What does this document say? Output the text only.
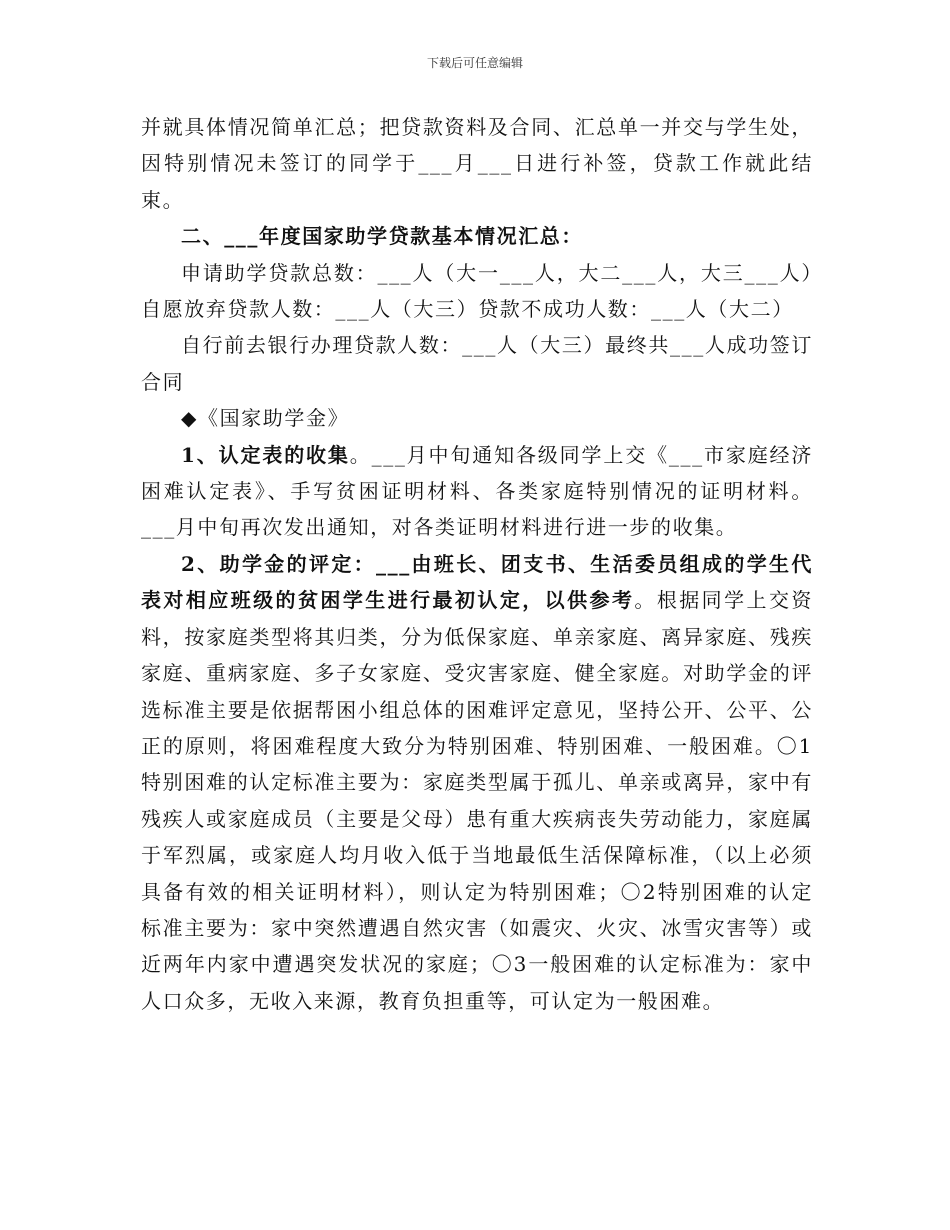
下载后可任意编辑

并就具体情况简单汇总；把贷款资料及合同、汇总单一并交与学生处，因特别情况未签订的同学于___月___日进行补签，贷款工作就此结束。

二、___年度国家助学贷款基本情况汇总：

申请助学贷款总数：___人（大一___人，大二___人，大三___人）自愿放弃贷款人数：___人（大三）贷款不成功人数：___人（大二）

自行前去银行办理贷款人数：___人（大三）最终共___人成功签订合同

◆《国家助学金》

1、认定表的收集。___月中旬通知各级同学上交《___市家庭经济困难认定表》、手写贫困证明材料、各类家庭特别情况的证明材料。___月中旬再次发出通知，对各类证明材料进行进一步的收集。

2、助学金的评定：___由班长、团支书、生活委员组成的学生代表对相应班级的贫困学生进行最初认定，以供参考。根据同学上交资料，按家庭类型将其归类，分为低保家庭、单亲家庭、离异家庭、残疾家庭、重病家庭、多子女家庭、受灾害家庭、健全家庭。对助学金的评选标准主要是依据帮困小组总体的困难评定意见，坚持公开、公平、公正的原则，将困难程度大致分为特别困难、特别困难、一般困难。〇1特别困难的认定标准主要为：家庭类型属于孤儿、单亲或离异，家中有残疾人或家庭成员（主要是父母）患有重大疾病丧失劳动能力，家庭属于军烈属，或家庭人均月收入低于当地最低生活保障标准，（以上必须具备有效的相关证明材料），则认定为特别困难；〇2特别困难的认定标准主要为：家中突然遭遇自然灾害（如震灾、火灾、冰雪灾害等）或近两年内家中遭遇突发状况的家庭；〇3一般困难的认定标准为：家中人口众多，无收入来源，教育负担重等，可认定为一般困难。
